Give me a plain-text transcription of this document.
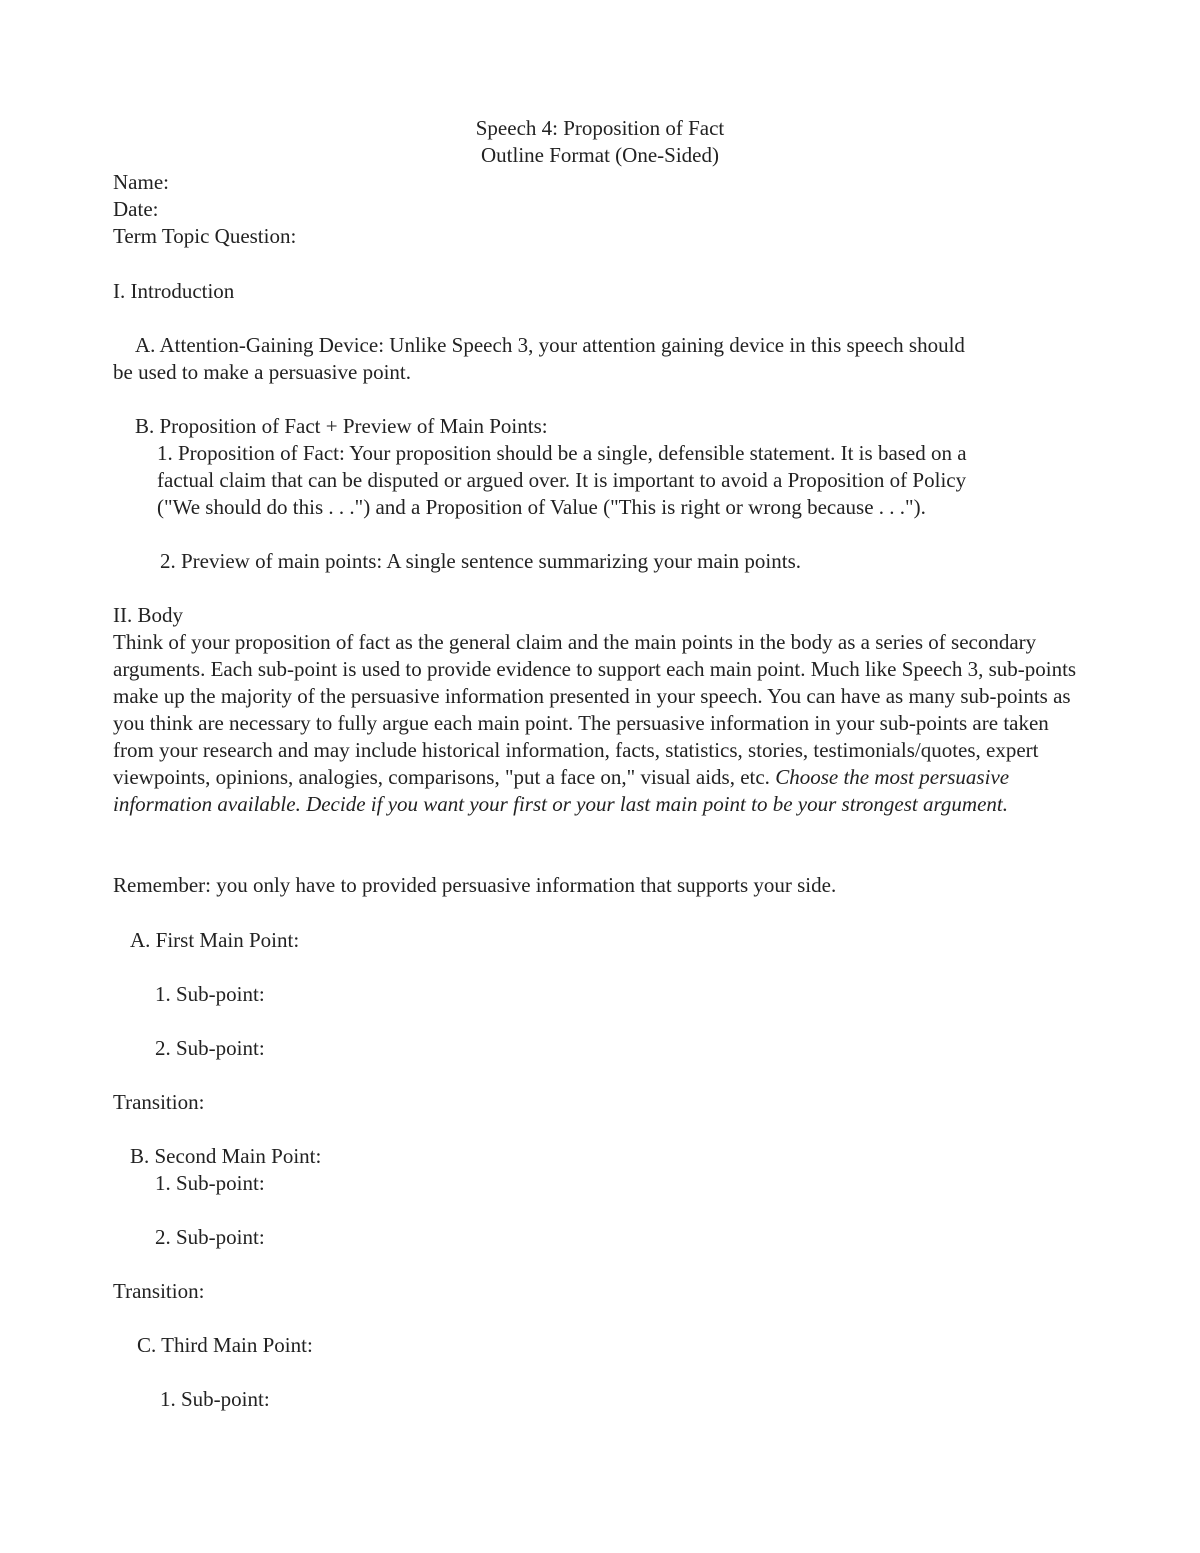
Speech 4: Proposition of Fact

Outline Format (One-Sided)

Name:

Date:

Term Topic Question:

I. Introduction

A. Attention-Gaining Device: Unlike Speech 3, your attention gaining device in this speech should

be used to make a persuasive point.

B. Proposition of Fact + Preview of Main Points:

1. Proposition of Fact: Your proposition should be a single, defensible statement. It is based on a

factual claim that can be disputed or argued over. It is important to avoid a Proposition of Policy

("We should do this . . .") and a Proposition of Value ("This is right or wrong because . . .").

2. Preview of main points: A single sentence summarizing your main points.

II. Body

Think of your proposition of fact as the general claim and the main points in the body as a series of secondary arguments. Each sub-point is used to provide evidence to support each main point. Much like Speech 3, sub-points make up the majority of the persuasive information presented in your speech. You can have as many sub-points as you think are necessary to fully argue each main point. The persuasive information in your sub-points are taken from your research and may include historical information, facts, statistics, stories, testimonials/quotes, expert viewpoints, opinions, analogies, comparisons, "put a face on," visual aids, etc. Choose the most persuasive information available. Decide if you want your first or your last main point to be your strongest argument.

Remember: you only have to provided persuasive information that supports your side.

A. First Main Point:

1. Sub-point:

2. Sub-point:

Transition:

B. Second Main Point:

1. Sub-point:

2. Sub-point:

Transition:

C. Third Main Point:

1. Sub-point:
